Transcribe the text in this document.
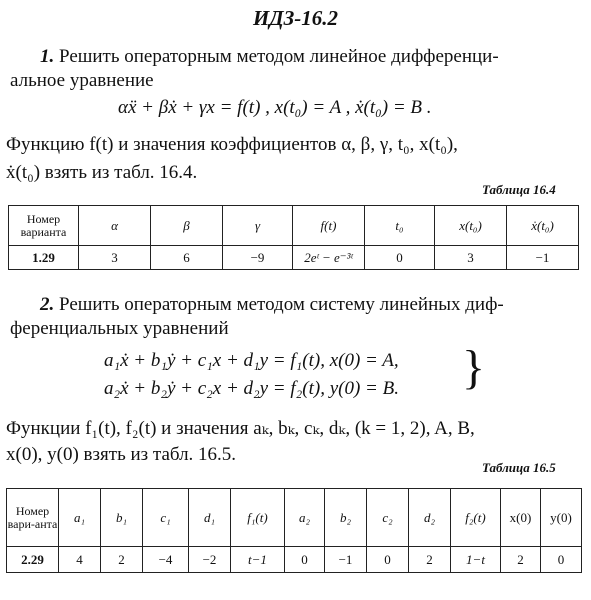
ИДЗ-16.2
1. Решить операторным методом линейное дифференци-
альное уравнение
αẍ + βẋ + γx = f(t) , x(t₀) = A , ẋ(t₀) = B .
Функцию f(t) и значения коэффициентов α, β, γ, t₀, x(t₀),
ẋ(t₀) взять из табл. 16.4.
Таблица 16.4
Номер варианта	α	β	γ	f(t)	t₀	x(t₀)	ẋ(t₀)
1.29	3	6	−9	2eᵗ − e⁻³ᵗ	0	3	−1
2. Решить операторным методом систему линейных диф-
ференциальных уравнений
a₁ẋ + b₁ẏ + c₁x + d₁y = f₁(t), x(0) = A,
a₂ẋ + b₂ẏ + c₂x + d₂y = f₂(t), y(0) = B. }
Функции f₁(t), f₂(t) и значения aₖ, bₖ, cₖ, dₖ, (k = 1, 2), A, B,
x(0), y(0) взять из табл. 16.5.
Таблица 16.5
Номер вари-анта	a₁	b₁	c₁	d₁	f₁(t)	a₂	b₂	c₂	d₂	f₂(t)	x(0)	y(0)
2.29	4	2	−4	−2	t−1	0	−1	0	2	1−t	2	0
